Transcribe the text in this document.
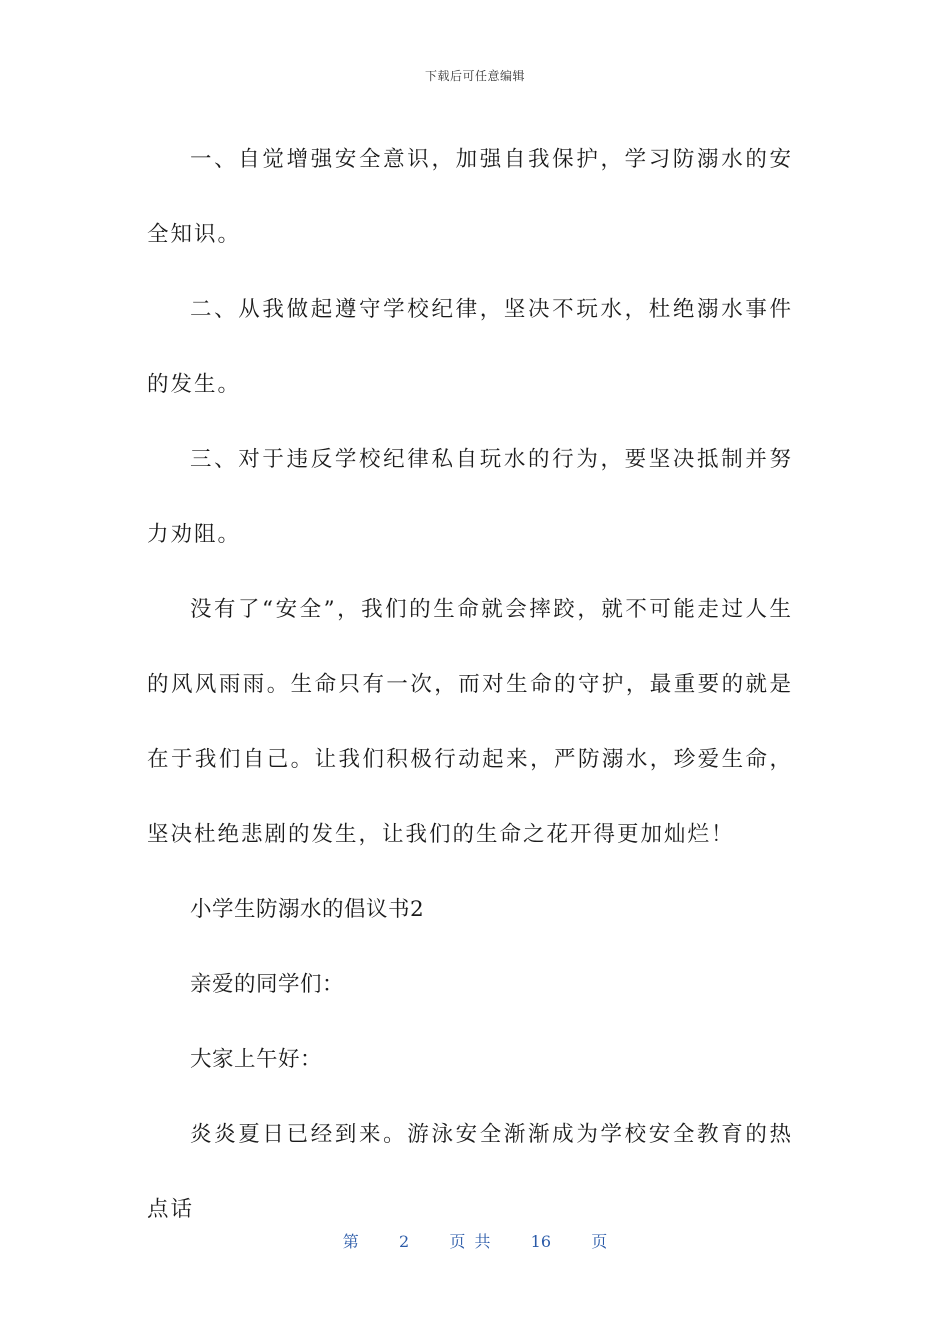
下载后可任意编辑

一、自觉增强安全意识，加强自我保护，学习防溺水的安全知识。

二、从我做起遵守学校纪律，坚决不玩水，杜绝溺水事件的发生。

三、对于违反学校纪律私自玩水的行为，要坚决抵制并努力劝阻。

没有了“安全”，我们的生命就会摔跤，就不可能走过人生的风风雨雨。生命只有一次，而对生命的守护，最重要的就是在于我们自己。让我们积极行动起来，严防溺水，珍爱生命，坚决杜绝悲剧的发生，让我们的生命之花开得更加灿烂！

小学生防溺水的倡议书2

亲爱的同学们：

大家上午好：

炎炎夏日已经到来。游泳安全渐渐成为学校安全教育的热点话

第	2	页 共	16	页
